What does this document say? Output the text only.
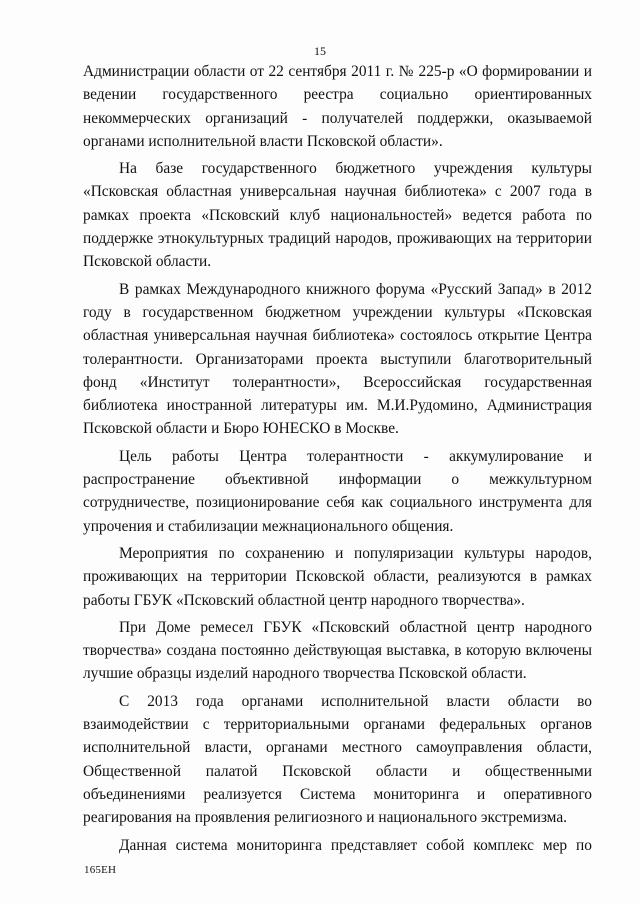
15

Администрации области от 22 сентября 2011 г. № 225-р «О формировании и ведении государственного реестра социально ориентированных некоммерческих организаций - получателей поддержки, оказываемой органами исполнительной власти Псковской области».

На базе государственного бюджетного учреждения культуры «Псковская областная универсальная научная библиотека» с 2007 года в рамках проекта «Псковский клуб национальностей» ведется работа по поддержке этнокультурных традиций народов, проживающих на территории Псковской области.

В рамках Международного книжного форума «Русский Запад» в 2012 году в государственном бюджетном учреждении культуры «Псковская областная универсальная научная библиотека» состоялось открытие Центра толерантности. Организаторами проекта выступили благотворительный фонд «Институт толерантности», Всероссийская государственная библиотека иностранной литературы им. М.И.Рудомино, Администрация Псковской области и Бюро ЮНЕСКО в Москве.

Цель работы Центра толерантности - аккумулирование и распространение объективной информации о межкультурном сотрудничестве, позиционирование себя как социального инструмента для упрочения и стабилизации межнационального общения.

Мероприятия по сохранению и популяризации культуры народов, проживающих на территории Псковской области, реализуются в рамках работы ГБУК «Псковский областной центр народного творчества».

При Доме ремесел ГБУК «Псковский областной центр народного творчества» создана постоянно действующая выставка, в которую включены лучшие образцы изделий народного творчества Псковской области.

С 2013 года органами исполнительной власти области во взаимодействии с территориальными органами федеральных органов исполнительной власти, органами местного самоуправления области, Общественной палатой Псковской области и общественными объединениями реализуется Система мониторинга и оперативного реагирования на проявления религиозного и национального экстремизма.

Данная система мониторинга представляет собой комплекс мер по

165ЕН
